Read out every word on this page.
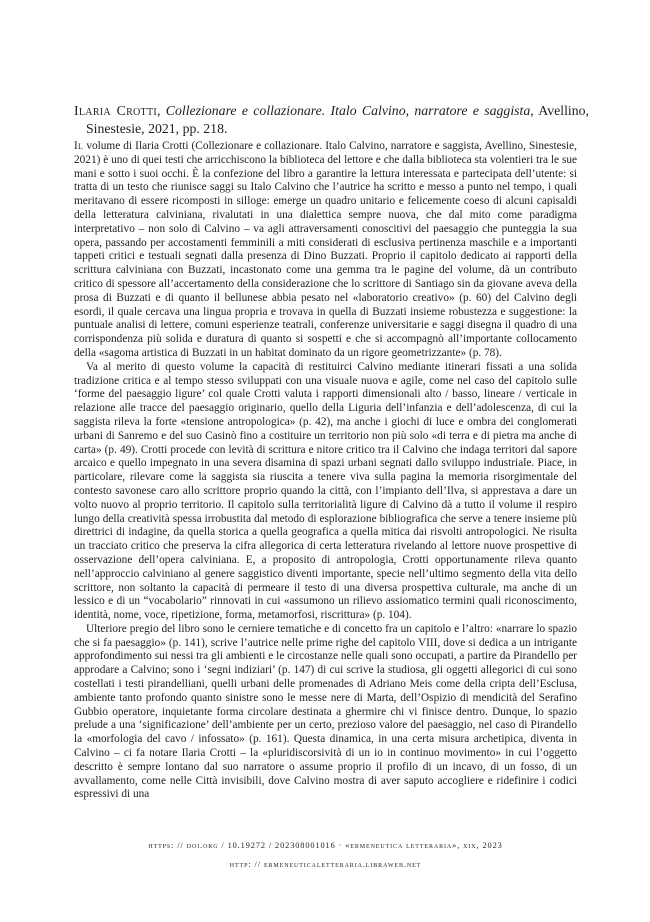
Ilaria Crotti, Collezionare e collazionare. Italo Calvino, narratore e saggista, Avellino, Sinestesie, 2021, pp. 218.

Il volume di Ilaria Crotti (Collezionare e collazionare. Italo Calvino, narratore e saggista, Avellino, Sinestesie, 2021) è uno di quei testi che arricchiscono la biblioteca del lettore e che dalla biblioteca sta volentieri tra le sue mani e sotto i suoi occhi. È la confezione del libro a garantire la lettura interessata e partecipata dell’utente: si tratta di un testo che riunisce saggi su Italo Calvino che l’autrice ha scritto e messo a punto nel tempo, i quali meritavano di essere ricomposti in silloge: emerge un quadro unitario e felicemente coeso di alcuni capisaldi della letteratura calviniana, rivalutati in una dialettica sempre nuova, che dal mito come paradigma interpretativo – non solo di Calvino – va agli attraversamenti conoscitivi del paesaggio che punteggia la sua opera, passando per accostamenti femminili a miti considerati di esclusiva pertinenza maschile e a importanti tappeti critici e testuali segnati dalla presenza di Dino Buzzati. Proprio il capitolo dedicato ai rapporti della scrittura calviniana con Buzzati, incastonato come una gemma tra le pagine del volume, dà un contributo critico di spessore all’accertamento della considerazione che lo scrittore di Santiago sin da giovane aveva della prosa di Buzzati e di quanto il bellunese abbia pesato nel «laboratorio creativo» (p. 60) del Calvino degli esordi, il quale cercava una lingua propria e trovava in quella di Buzzati insieme robustezza e suggestione: la puntuale analisi di lettere, comuni esperienze teatrali, conferenze universitarie e saggi disegna il quadro di una corrispondenza più solida e duratura di quanto si sospetti e che si accompagnò all’importante collocamento della «sagoma artistica di Buzzati in un habitat dominato da un rigore geometrizzante» (p. 78).

Va al merito di questo volume la capacità di restituirci Calvino mediante itinerari fissati a una solida tradizione critica e al tempo stesso sviluppati con una visuale nuova e agile, come nel caso del capitolo sulle ‘forme del paesaggio ligure’ col quale Crotti valuta i rapporti dimensionali alto / basso, lineare / verticale in relazione alle tracce del paesaggio originario, quello della Liguria dell’infanzia e dell’adolescenza, di cui la saggista rileva la forte «tensione antropologica» (p. 42), ma anche i giochi di luce e ombra dei conglomerati urbani di Sanremo e del suo Casinò fino a costituire un territorio non più solo «di terra e di pietra ma anche di carta» (p. 49). Crotti procede con levità di scrittura e nitore critico tra il Calvino che indaga territori dal sapore arcaico e quello impegnato in una severa disamina di spazi urbani segnati dallo sviluppo industriale. Piace, in particolare, rilevare come la saggista sia riuscita a tenere viva sulla pagina la memoria risorgimentale del contesto savonese caro allo scrittore proprio quando la città, con l’impianto dell’Ilva, si apprestava a dare un volto nuovo al proprio territorio. Il capitolo sulla territorialità ligure di Calvino dà a tutto il volume il respiro lungo della creatività spessa irrobustita dal metodo di esplorazione bibliografica che serve a tenere insieme più direttrici di indagine, da quella storica a quella geografica a quella mitica dai risvolti antropologici. Ne risulta un tracciato critico che preserva la cifra allegorica di certa letteratura rivelando al lettore nuove prospettive di osservazione dell’opera calviniana. E, a proposito di antropologia, Crotti opportunamente rileva quanto nell’approccio calviniano al genere saggistico diventi importante, specie nell’ultimo segmento della vita dello scrittore, non soltanto la capacità di permeare il testo di una diversa prospettiva culturale, ma anche di un lessico e di un “vocabolario” rinnovati in cui «assumono un rilievo assiomatico termini quali riconoscimento, identità, nome, voce, ripetizione, forma, metamorfosi, riscrittura» (p. 104).

Ulteriore pregio del libro sono le cerniere tematiche e di concetto fra un capitolo e l’altro: «narrare lo spazio che si fa paesaggio» (p. 141), scrive l’autrice nelle prime righe del capitolo VIII, dove si dedica a un intrigante approfondimento sui nessi tra gli ambienti e le circostanze nelle quali sono occupati, a partire da Pirandello per approdare a Calvino; sono i ‘segni indiziari’ (p. 147) di cui scrive la studiosa, gli oggetti allegorici di cui sono costellati i testi pirandelliani, quelli urbani delle promenades di Adriano Meis come della cripta dell’Esclusa, ambiente tanto profondo quanto sinistre sono le messe nere di Marta, dell’Ospizio di mendicità del Serafino Gubbio operatore, inquietante forma circolare destinata a ghermire chi vi finisce dentro. Dunque, lo spazio prelude a una ‘significazione’ dell’ambiente per un certo, prezioso valore del paesaggio, nel caso di Pirandello la «morfologia del cavo / infossato» (p. 161). Questa dinamica, in una certa misura archetipica, diventa in Calvino – ci fa notare Ilaria Crotti – la «pluridiscorsività di un io in continuo movimento» in cui l’oggetto descritto è sempre lontano dal suo narratore o assume proprio il profilo di un incavo, di un fosso, di un avvallamento, come nelle Città invisibili, dove Calvino mostra di aver saputo accogliere e ridefinire i codici espressivi di una

https: // doi.org / 10.19272 / 202308001016 · «ermeneutica letteraria», xix, 2023
http: // ermeneuticaletteraria.libraweb.net
